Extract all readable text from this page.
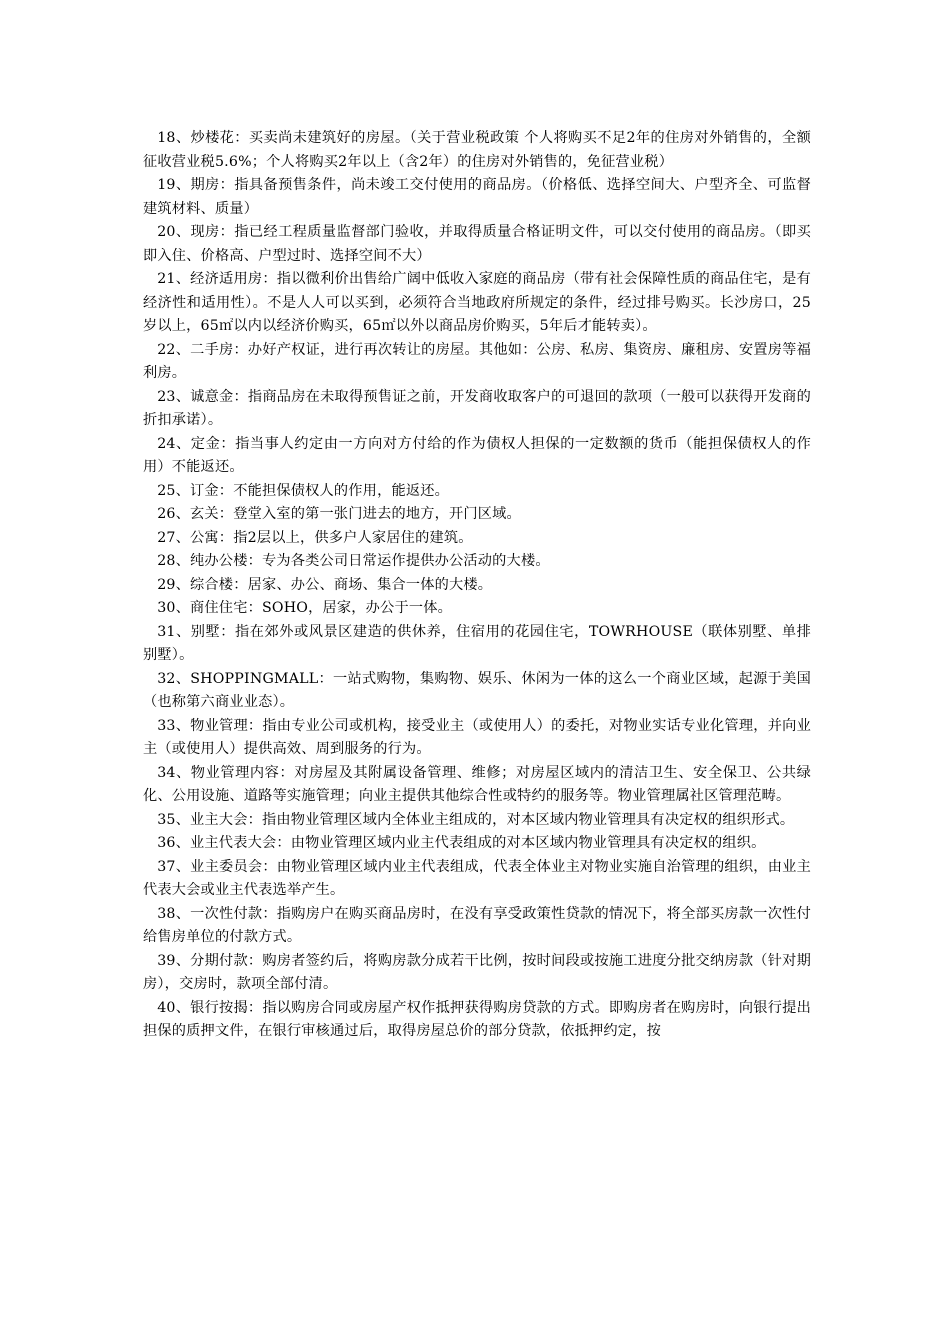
18、炒楼花：买卖尚未建筑好的房屋。（关于营业税政策 个人将购买不足2年的住房对外销售的，全额征收营业税5.6%；个人将购买2年以上（含2年）的住房对外销售的，免征营业税）

19、期房：指具备预售条件，尚未竣工交付使用的商品房。（价格低、选择空间大、户型齐全、可监督建筑材料、质量）

20、现房：指已经工程质量监督部门验收，并取得质量合格证明文件，可以交付使用的商品房。（即买即入住、价格高、户型过时、选择空间不大）

21、经济适用房：指以微利价出售给广阔中低收入家庭的商品房（带有社会保障性质的商品住宅，是有经济性和适用性）。不是人人可以买到，必须符合当地政府所规定的条件，经过排号购买。长沙房口，25岁以上，65㎡以内以经济价购买，65㎡以外以商品房价购买，5年后才能转卖）。

22、二手房：办好产权证，进行再次转让的房屋。其他如：公房、私房、集资房、廉租房、安置房等福利房。

23、诚意金：指商品房在未取得预售证之前，开发商收取客户的可退回的款项（一般可以获得开发商的折扣承诺）。

24、定金：指当事人约定由一方向对方付给的作为债权人担保的一定数额的货币（能担保债权人的作用）不能返还。

25、订金：不能担保债权人的作用，能返还。

26、玄关：登堂入室的第一张门进去的地方，开门区域。

27、公寓：指2层以上，供多户人家居住的建筑。

28、纯办公楼：专为各类公司日常运作提供办公活动的大楼。

29、综合楼：居家、办公、商场、集合一体的大楼。

30、商住住宅：SOHO，居家，办公于一体。

31、别墅：指在郊外或风景区建造的供休养，住宿用的花园住宅，TOWRHOUSE（联体别墅、单排别墅）。

32、SHOPPINGMALL：一站式购物，集购物、娱乐、休闲为一体的这么一个商业区域，起源于美国（也称第六商业业态）。

33、物业管理：指由专业公司或机构，接受业主（或使用人）的委托，对物业实话专业化管理，并向业主（或使用人）提供高效、周到服务的行为。

34、物业管理内容：对房屋及其附属设备管理、维修；对房屋区域内的清洁卫生、安全保卫、公共绿化、公用设施、道路等实施管理；向业主提供其他综合性或特约的服务等。物业管理属社区管理范畴。

35、业主大会：指由物业管理区域内全体业主组成的，对本区域内物业管理具有决定权的组织形式。

36、业主代表大会：由物业管理区域内业主代表组成的对本区域内物业管理具有决定权的组织。

37、业主委员会：由物业管理区域内业主代表组成，代表全体业主对物业实施自治管理的组织，由业主代表大会或业主代表选举产生。

38、一次性付款：指购房户在购买商品房时，在没有享受政策性贷款的情况下，将全部买房款一次性付给售房单位的付款方式。

39、分期付款：购房者签约后，将购房款分成若干比例，按时间段或按施工进度分批交纳房款（针对期房），交房时，款项全部付清。

40、银行按揭：指以购房合同或房屋产权作抵押获得购房贷款的方式。即购房者在购房时，向银行提出担保的质押文件，在银行审核通过后，取得房屋总价的部分贷款，依抵押约定，按
